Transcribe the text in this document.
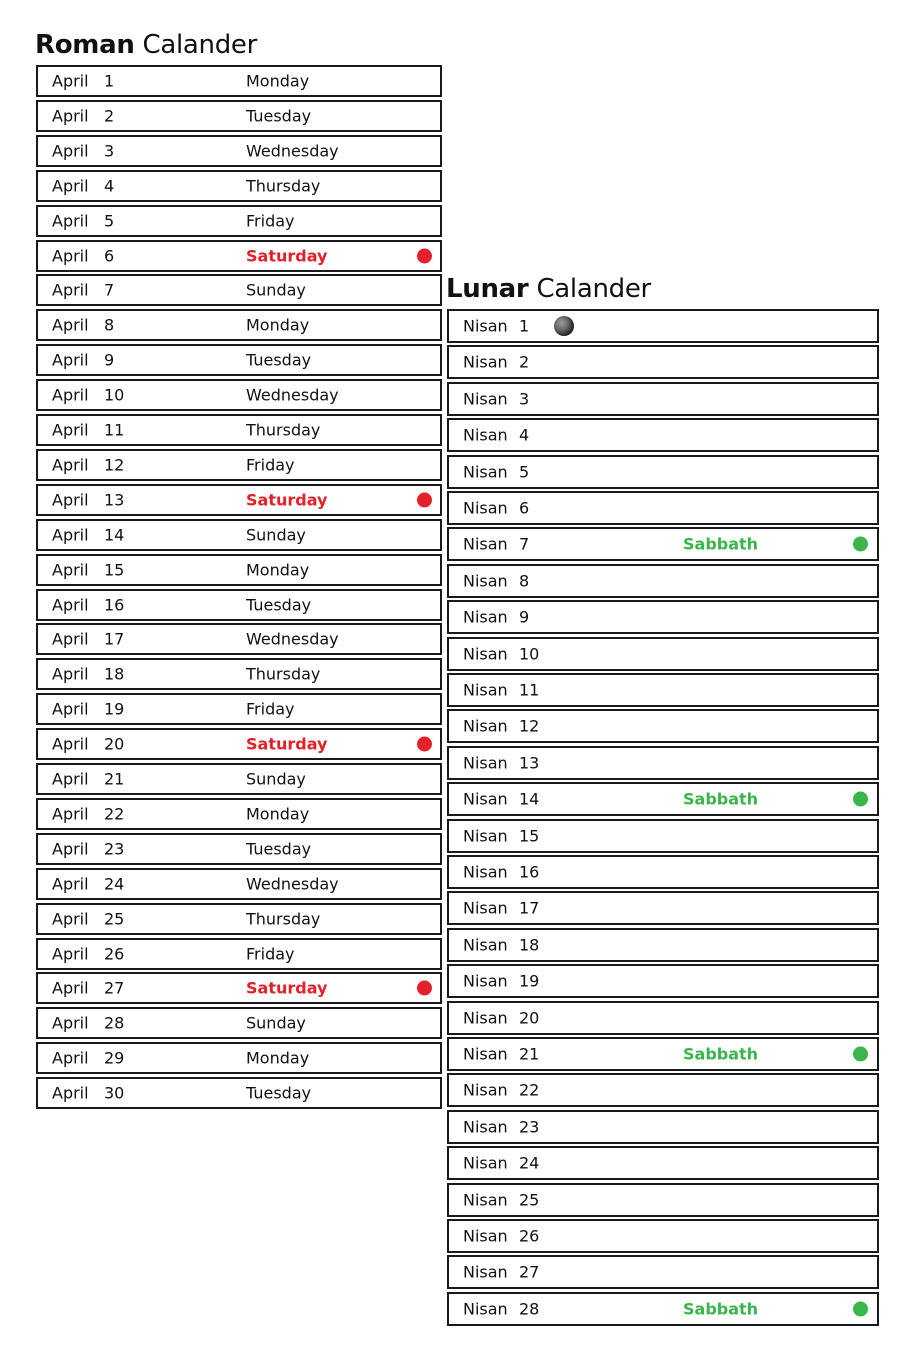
Roman Calander
April 1	Monday
April 2	Tuesday
April 3	Wednesday
April 4	Thursday
April 5	Friday
April 6	Saturday
April 7	Sunday
April 8	Monday
April 9	Tuesday
April 10	Wednesday
April 11	Thursday
April 12	Friday
April 13	Saturday
April 14	Sunday
April 15	Monday
April 16	Tuesday
April 17	Wednesday
April 18	Thursday
April 19	Friday
April 20	Saturday
April 21	Sunday
April 22	Monday
April 23	Tuesday
April 24	Wednesday
April 25	Thursday
April 26	Friday
April 27	Saturday
April 28	Sunday
April 29	Monday
April 30	Tuesday
Lunar Calander
Nisan 1
Nisan 2
Nisan 3
Nisan 4
Nisan 5
Nisan 6
Nisan 7	Sabbath
Nisan 8
Nisan 9
Nisan 10
Nisan 11
Nisan 12
Nisan 13
Nisan 14	Sabbath
Nisan 15
Nisan 16
Nisan 17
Nisan 18
Nisan 19
Nisan 20
Nisan 21	Sabbath
Nisan 22
Nisan 23
Nisan 24
Nisan 25
Nisan 26
Nisan 27
Nisan 28	Sabbath
